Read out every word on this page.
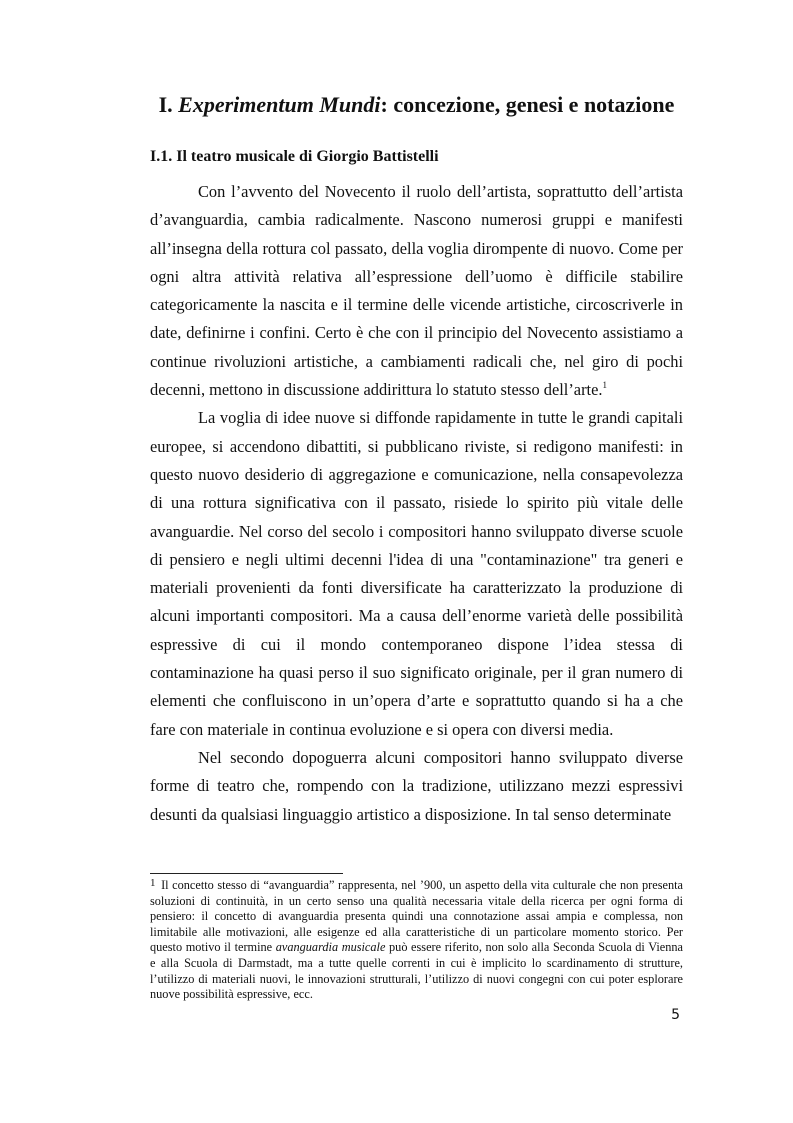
I. Experimentum Mundi: concezione, genesi e notazione
I.1. Il teatro musicale di Giorgio Battistelli

Con l’avvento del Novecento il ruolo dell’artista, soprattutto dell’artista d’avanguardia, cambia radicalmente. Nascono numerosi gruppi e manifesti all’insegna della rottura col passato, della voglia dirompente di nuovo. Come per ogni altra attività relativa all’espressione dell’uomo è difficile stabilire categoricamente la nascita e il termine delle vicende artistiche, circoscriverle in date, definirne i confini. Certo è che con il principio del Novecento assistiamo a continue rivoluzioni artistiche, a cambiamenti radicali che, nel giro di pochi decenni, mettono in discussione addirittura lo statuto stesso dell’arte.$^1$

La voglia di idee nuove si diffonde rapidamente in tutte le grandi capitali europee, si accendono dibattiti, si pubblicano riviste, si redigono manifesti: in questo nuovo desiderio di aggregazione e comunicazione, nella consapevolezza di una rottura significativa con il passato, risiede lo spirito più vitale delle avanguardie. Nel corso del secolo i compositori hanno sviluppato diverse scuole di pensiero e negli ultimi decenni l'idea di una "contaminazione" tra generi e materiali provenienti da fonti diversificate ha caratterizzato la produzione di alcuni importanti compositori. Ma a causa dell’enorme varietà delle possibilità espressive di cui il mondo contemporaneo dispone l’idea stessa di contaminazione ha quasi perso il suo significato originale, per il gran numero di elementi che confluiscono in un’opera d’arte e soprattutto quando si ha a che fare con materiale in continua evoluzione e si opera con diversi media.

Nel secondo dopoguerra alcuni compositori hanno sviluppato diverse forme di teatro che, rompendo con la tradizione, utilizzano mezzi espressivi desunti da qualsiasi linguaggio artistico a disposizione. In tal senso determinate

1 Il concetto stesso di “avanguardia” rappresenta, nel ’900, un aspetto della vita culturale che non presenta soluzioni di continuità, in un certo senso una qualità necessaria vitale della ricerca per ogni forma di pensiero: il concetto di avanguardia presenta quindi una connotazione assai ampia e complessa, non limitabile alle motivazioni, alle esigenze ed alla caratteristiche di un particolare momento storico. Per questo motivo il termine avanguardia musicale può essere riferito, non solo alla Seconda Scuola di Vienna e alla Scuola di Darmstadt, ma a tutte quelle correnti in cui è implicito lo scardinamento di strutture, l’utilizzo di materiali nuovi, le innovazioni strutturali, l’utilizzo di nuovi congegni con cui poter esplorare nuove possibilità espressive, ecc.

5
